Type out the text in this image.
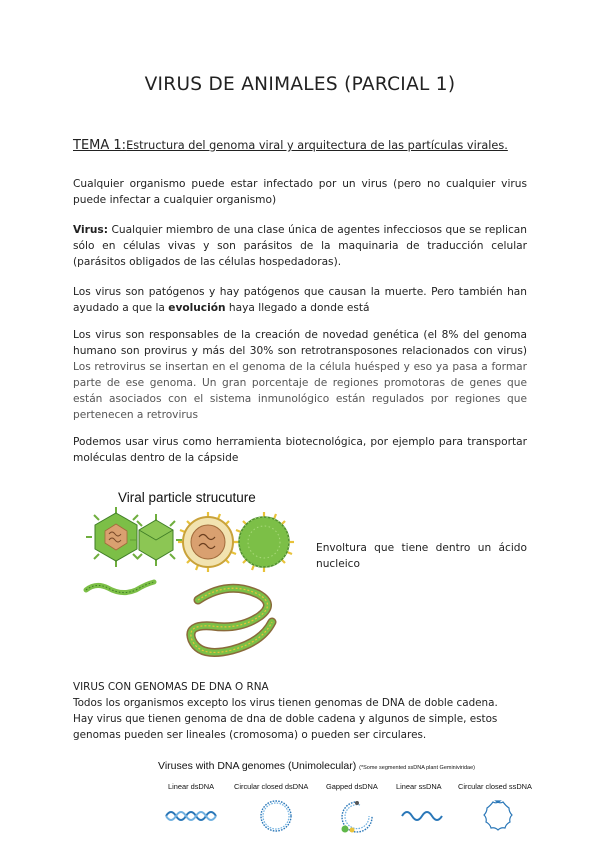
VIRUS DE ANIMALES (PARCIAL 1)
TEMA 1:Estructura del genoma viral y arquitectura de las partículas virales.
Cualquier organismo puede estar infectado por un virus (pero no cualquier virus puede infectar a cualquier organismo)
Virus: Cualquier miembro de una clase única de agentes infecciosos que se replican sólo en células vivas y son parásitos de la maquinaria de traducción celular (parásitos obligados de las células hospedadoras).
Los virus son patógenos y hay patógenos que causan la muerte. Pero también han ayudado a que la evolución haya llegado a donde está
Los virus son responsables de la creación de novedad genética (el 8% del genoma humano son provirus y más del 30% son retrotransposones relacionados con virus) Los retrovirus se insertan en el genoma de la célula huésped y eso ya pasa a formar parte de ese genoma. Un gran porcentaje de regiones promotoras de genes que están asociados con el sistema inmunológico están regulados por regiones que pertenecen a retrovirus
Podemos usar virus como herramienta biotecnológica, por ejemplo para transportar moléculas dentro de la cápside
Viral particle strucuture
Envoltura que tiene dentro un ácido nucleico
VIRUS CON GENOMAS DE DNA O RNA
Todos los organismos excepto los virus tienen genomas de DNA de doble cadena.
Hay virus que tienen genoma de dna de doble cadena y algunos de simple, estos genomas pueden ser lineales (cromosoma) o pueden ser circulares.
Viruses with DNA genomes (Unimolecular) (*Some segmented ssDNA plant Geminiviridae)
Linear dsDNA	Circular closed dsDNA Gapped dsDNA Linear ssDNA Circular closed ssDNA
